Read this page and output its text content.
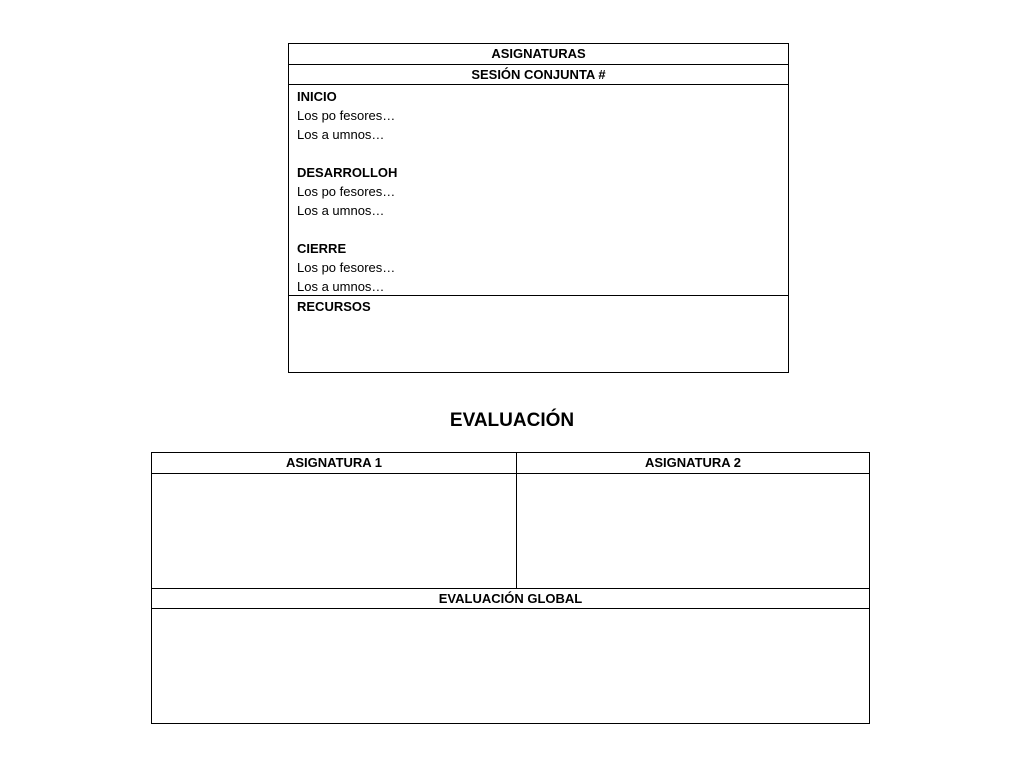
ASIGNATURAS
SESIÓN CONJUNTA #
INICIO
Los po fesores…
Los a umnos…
DESARROLLOH
Los po fesores…
Los a umnos…
CIERRE
Los po fesores…
Los a umnos…
RECURSOS
EVALUACIÓN
ASIGNATURA 1	ASIGNATURA 2
EVALUACIÓN GLOBAL
